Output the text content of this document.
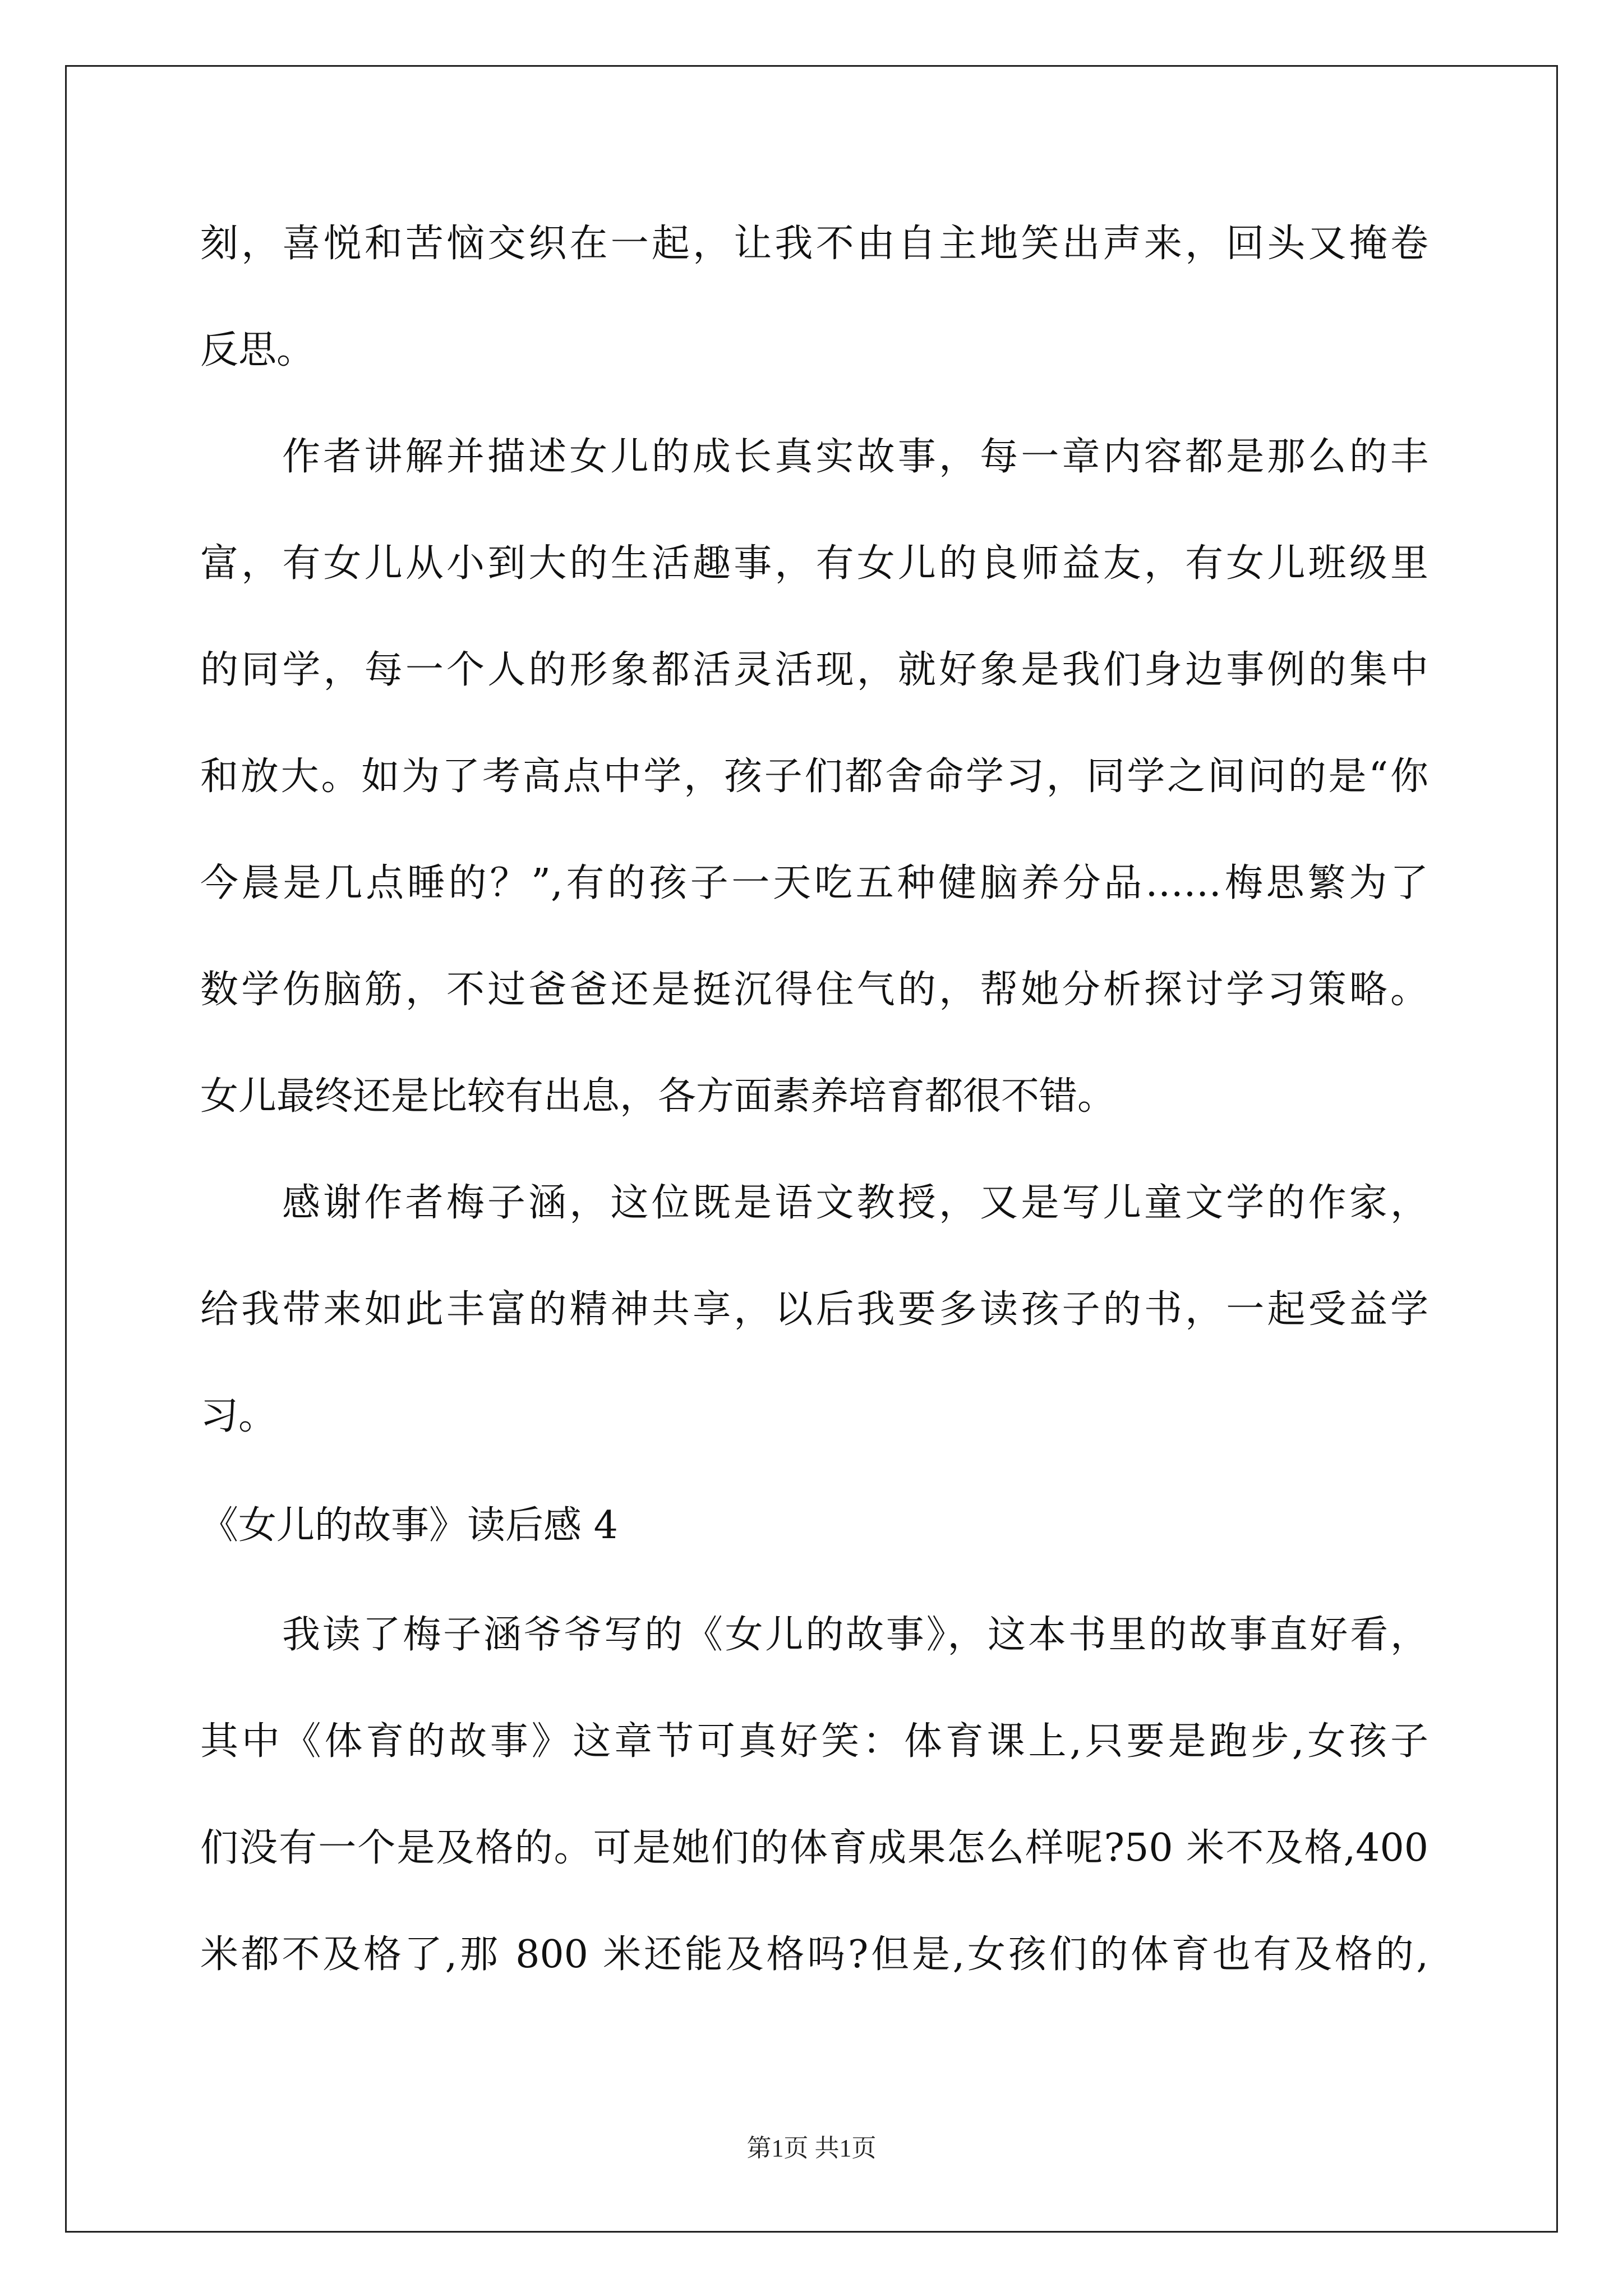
刻，喜悦和苦恼交织在一起，让我不由自主地笑出声来，回头又掩卷
反思。
作者讲解并描述女儿的成长真实故事，每一章内容都是那么的丰
富，有女儿从小到大的生活趣事，有女儿的良师益友，有女儿班级里
的同学，每一个人的形象都活灵活现，就好象是我们身边事例的集中
和放大。如为了考高点中学，孩子们都舍命学习，同学之间问的是“你
今晨是几点睡的？”,有的孩子一天吃五种健脑养分品……梅思繁为了
数学伤脑筋，不过爸爸还是挺沉得住气的，帮她分析探讨学习策略。
女儿最终还是比较有出息，各方面素养培育都很不错。
感谢作者梅子涵，这位既是语文教授，又是写儿童文学的作家，
给我带来如此丰富的精神共享，以后我要多读孩子的书，一起受益学
习。
《女儿的故事》读后感 4
我读了梅子涵爷爷写的《女儿的故事》，这本书里的故事直好看，
其中《体育的故事》这章节可真好笑：体育课上,只要是跑步,女孩子
们没有一个是及格的。可是她们的体育成果怎么样呢?50 米不及格,400
米都不及格了,那 800 米还能及格吗?但是,女孩们的体育也有及格的,
第1页 共1页
